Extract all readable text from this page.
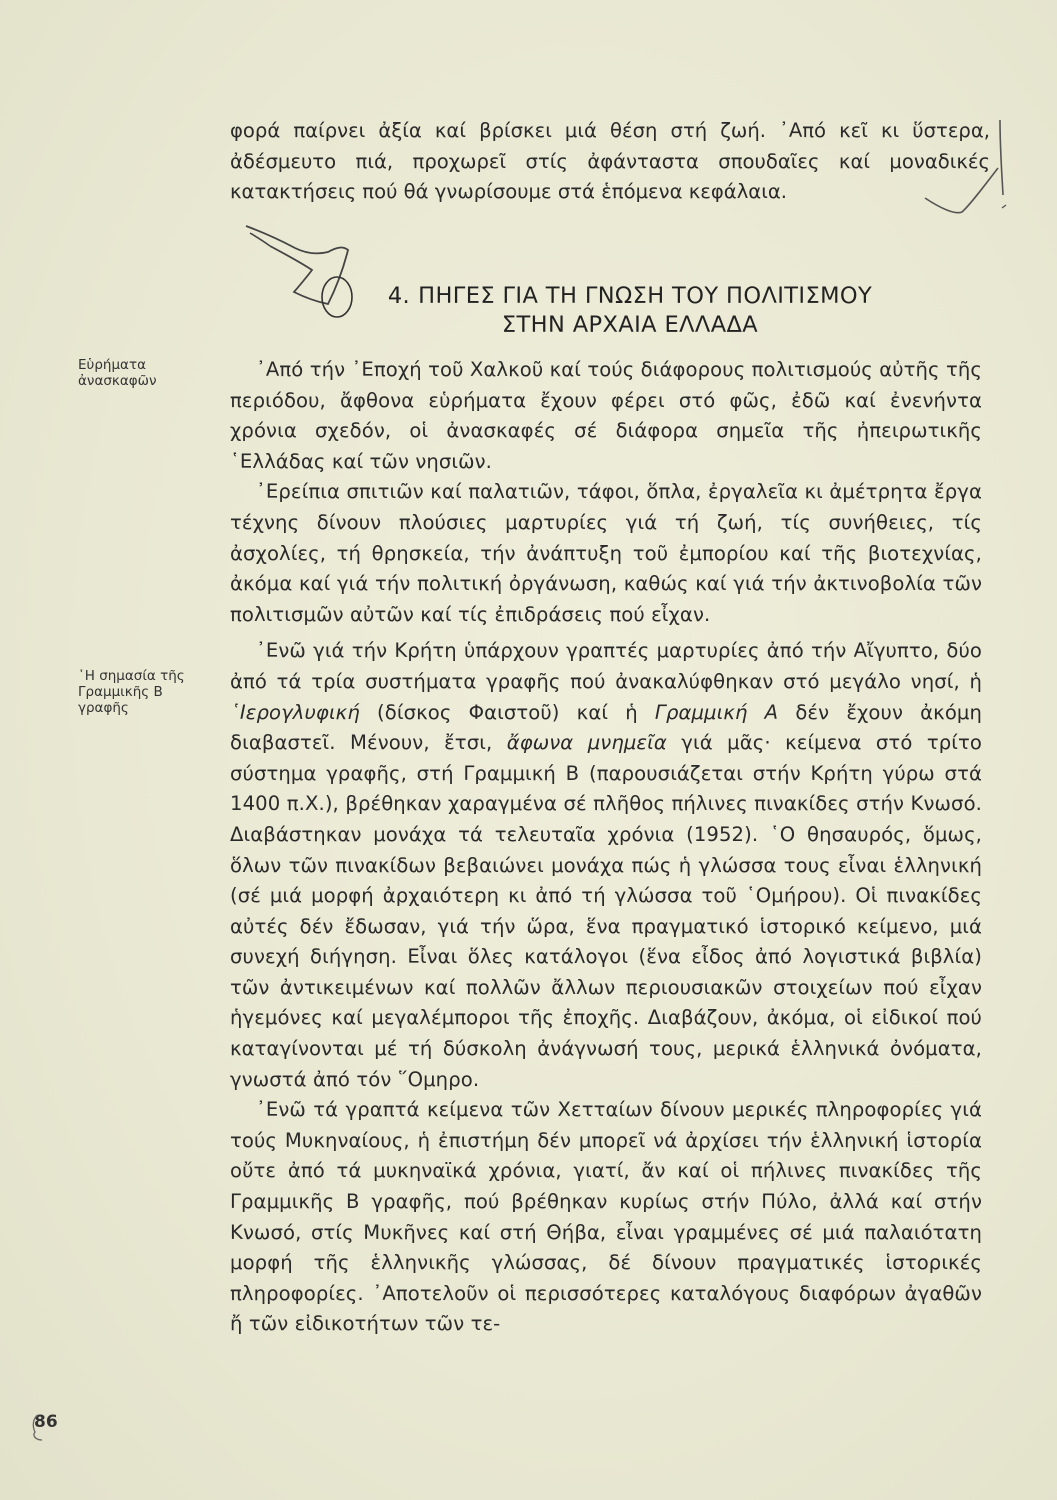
φορά παίρνει ἀξία καί βρίσκει μιά θέση στή ζωή. ᾿Από κεῖ κι ὕστερα, ἀδέσμευτο πιά, προχωρεῖ στίς ἀφάνταστα σπουδαῖες καί μοναδικές κατακτήσεις πού θά γνωρίσουμε στά ἑπόμενα κεφάλαια.

4. ΠΗΓΕΣ ΓΙΑ ΤΗ ΓΝΩΣΗ ΤΟΥ ΠΟΛΙΤΙΣΜΟΥ
ΣΤΗΝ ΑΡΧΑΙΑ ΕΛΛΑΔΑ
Εὑρήματα ἀνασκαφῶν
῾Η σημασία τῆς Γραμμικῆς Β γραφῆς

᾿Από τήν ᾿Εποχή τοῦ Χαλκοῦ καί τούς διάφορους πολιτισμούς αὐτῆς τῆς περιόδου, ἄφθονα εὑρήματα ἔχουν φέρει στό φῶς, ἐδῶ καί ἐνενήντα χρόνια σχεδόν, οἱ ἀνασκαφές σέ διάφορα σημεῖα τῆς ἠπειρωτικῆς ῾Ελλάδας καί τῶν νησιῶν.

᾿Ερείπια σπιτιῶν καί παλατιῶν, τάφοι, ὅπλα, ἐργαλεῖα κι ἀμέτρητα ἔργα τέχνης δίνουν πλούσιες μαρτυρίες γιά τή ζωή, τίς συνήθειες, τίς ἀσχολίες, τή θρησκεία, τήν ἀνάπτυξη τοῦ ἐμπορίου καί τῆς βιοτεχνίας, ἀκόμα καί γιά τήν πολιτική ὀργάνωση, καθώς καί γιά τήν ἀκτινοβολία τῶν πολιτισμῶν αὐτῶν καί τίς ἐπιδράσεις πού εἶχαν.

᾿Ενῶ γιά τήν Κρήτη ὑπάρχουν γραπτές μαρτυρίες ἀπό τήν Αἴγυπτο, δύο ἀπό τά τρία συστήματα γραφῆς πού ἀνακαλύφθηκαν στό μεγάλο νησί, ἡ ῾Ιερογλυφική (δίσκος Φαιστοῦ) καί ἡ Γραμμική Α δέν ἔχουν ἀκόμη διαβαστεῖ. Μένουν, ἔτσι, ἄφωνα μνημεῖα γιά μᾶς· κείμενα στό τρίτο σύστημα γραφῆς, στή Γραμμική Β (παρουσιάζεται στήν Κρήτη γύρω στά 1400 π.Χ.), βρέθηκαν χαραγμένα σέ πλῆθος πήλινες πινακίδες στήν Κνωσό. Διαβάστηκαν μονάχα τά τελευταῖα χρόνια (1952). ῾Ο θησαυρός, ὅμως, ὅλων τῶν πινακίδων βεβαιώνει μονάχα πώς ἡ γλώσσα τους εἶναι ἑλληνική (σέ μιά μορφή ἀρχαιότερη κι ἀπό τή γλώσσα τοῦ ῾Ομήρου). Οἱ πινακίδες αὐτές δέν ἔδωσαν, γιά τήν ὥρα, ἕνα πραγματικό ἱστορικό κείμενο, μιά συνεχή διήγηση. Εἶναι ὅλες κατάλογοι (ἕνα εἶδος ἀπό λογιστικά βιβλία) τῶν ἀντικειμένων καί πολλῶν ἄλλων περιουσιακῶν στοιχείων πού εἶχαν ἡγεμόνες καί μεγαλέμποροι τῆς ἐποχῆς. Διαβάζουν, ἀκόμα, οἱ εἰδικοί πού καταγίνονται μέ τή δύσκολη ἀνάγνωσή τους, μερικά ἑλληνικά ὀνόματα, γνωστά ἀπό τόν ῞Ομηρο.

᾿Ενῶ τά γραπτά κείμενα τῶν Χετταίων δίνουν μερικές πληροφορίες γιά τούς Μυκηναίους, ἡ ἐπιστήμη δέν μπορεῖ νά ἀρχίσει τήν ἑλληνική ἱστορία οὔτε ἀπό τά μυκηναϊκά χρόνια, γιατί, ἄν καί οἱ πήλινες πινακίδες τῆς Γραμμικῆς Β γραφῆς, πού βρέθηκαν κυρίως στήν Πύλο, ἀλλά καί στήν Κνωσό, στίς Μυκῆνες καί στή Θήβα, εἶναι γραμμένες σέ μιά παλαιότατη μορφή τῆς ἑλληνικῆς γλώσσας, δέ δίνουν πραγματικές ἱστορικές πληροφορίες. ᾿Αποτελοῦν οἱ περισσότερες καταλόγους διαφόρων ἀγαθῶν ἤ τῶν εἰδικοτήτων τῶν τε-

86
